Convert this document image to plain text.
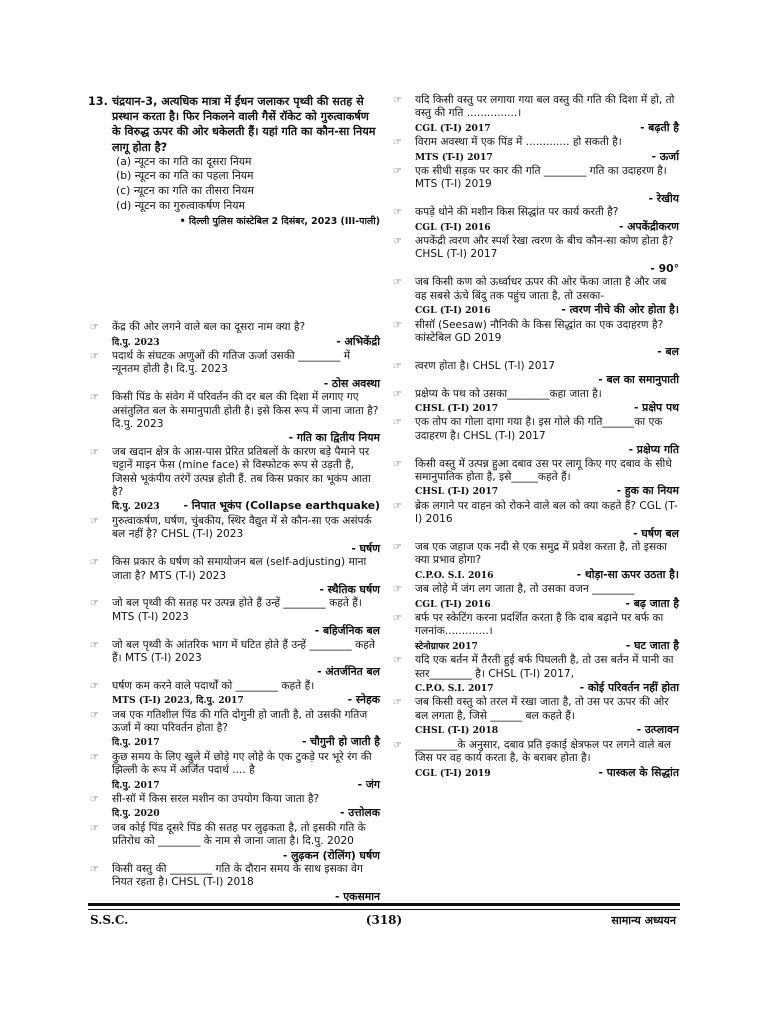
13. चंद्रयान-3, अत्यधिक मात्रा में ईंधन जलाकर पृथ्वी की सतह से प्रस्थान करता है। फिर निकलने वाली गैसें रॉकेट को गुरुत्वाकर्षण के विरुद्ध ऊपर की ओर धकेलती हैं। यहां गति का कौन-सा नियम लागू होता है?
(a) न्यूटन का गति का दूसरा नियम
(b) न्यूटन का गति का पहला नियम
(c) न्यूटन का गति का तीसरा नियम
(d) न्यूटन का गुरुत्वाकर्षण नियम
• दिल्ली पुलिस कांस्टेबिल 2 दिसंबर, 2023 (III-पाली)
☞ केंद्र की ओर लगने वाले बल का दूसरा नाम क्या है?
दि.पु. 2023	- अभिकेंद्री
☞ पदार्थ के संघटक अणुओं की गतिज ऊर्जा उसकी ________ में न्यूनतम होती है। दि.पु. 2023
- ठोस अवस्था
☞ किसी पिंड के संवेग में परिवर्तन की दर बल की दिशा में लगाए गए असंतुलित बल के समानुपाती होती है। इसे किस रूप में जाना जाता है? दि.पु. 2023
- गति का द्वितीय नियम
☞ जब खदान क्षेत्र के आस-पास प्रेरित प्रतिबलों के कारण बड़े पैमाने पर चट्टानें माइन फेस (mine face) से विस्फोटक रूप से उड़ती हैं, जिससे भूकंपीय तरंगें उत्पन्न होती हैं. तब किस प्रकार का भूकंप आता है?
दि.पु. 2023 - निपात भूकंप (Collapse earthquake)
☞ गुरुत्वाकर्षण, घर्षण, चुंबकीय, स्थिर वैद्युत में से कौन-सा एक असंपर्क बल नहीं है? CHSL (T-I) 2023
- घर्षण
☞ किस प्रकार के घर्षण को समायोजन बल (self-adjusting) माना जाता है? MTS (T-I) 2023
- स्थैतिक घर्षण
☞ जो बल पृथ्वी की सतह पर उत्पन्न होते हैं उन्हें ________ कहते हैं। MTS (T-I) 2023
- बहिर्जनिक बल
☞ जो बल पृथ्वी के आंतरिक भाग में घटित होते हैं उन्हें ________ कहते हैं। MTS (T-I) 2023
- अंतर्जनित बल
☞ घर्षण कम करने वाले पदार्थों को ________ कहते हैं।
MTS (T-I) 2023, दि.पु. 2017	- स्नेहक
☞ जब एक गतिशील पिंड की गति दोगुनी हो जाती है, तो उसकी गतिज ऊर्जा में क्या परिवर्तन होता है?
दि.पु. 2017	- चौगुनी हो जाती है
☞ कुछ समय के लिए खुले में छोड़े गए लोहे के एक टुकड़े पर भूरे रंग की झिल्ली के रूप में अर्जित पदार्थ .... है
दि.पु. 2017	- जंग
☞ सी-सॉ में किस सरल मशीन का उपयोग किया जाता है?
दि.पु. 2020	- उत्तोलक
☞ जब कोई पिंड दूसरे पिंड की सतह पर लुढ़कता है, तो इसकी गति के प्रतिरोध को ________ के नाम से जाना जाता है। दि.पु. 2020
- लुढ़कन (रोलिंग) घर्षण
☞ किसी वस्तु की ________ गति के दौरान समय के साथ इसका वेग नियत रहता है। CHSL (T-I) 2018
- एकसमान
☞ यदि किसी वस्तु पर लगाया गया बल वस्तु की गति की दिशा में हो, तो वस्तु की गति ...............।
CGL (T-I) 2017	- बढ़ती है
☞ विराम अवस्था में एक पिंड में ............. हो सकती है।
MTS (T-I) 2017	- ऊर्जा
☞ एक सीधी सड़क पर कार की गति ________ गति का उदाहरण है। MTS (T-I) 2019
- रेखीय
☞ कपड़े धोने की मशीन किस सिद्धांत पर कार्य करती है?
CGL (T-I) 2016	- अपकेंद्रीकरण
☞ अपकेंद्री त्वरण और स्पर्श रेखा त्वरण के बीच कौन-सा कोण होता है? CHSL (T-I) 2017
- 90°
☞ जब किसी कण को ऊर्ध्वाधर ऊपर की ओर फेंका जाता है और जब वह सबसे ऊंचे बिंदु तक पहुंच जाता है, तो उसका-
CGL (T-I) 2016	- त्वरण नीचे की ओर होता है।
☞ सीसॉ (Seesaw) नौनिकी के किस सिद्धांत का एक उदाहरण है? कांस्टेबिल GD 2019
- बल
☞ त्वरण होता है। CHSL (T-I) 2017
- बल का समानुपाती
☞ प्रक्षेप्य के पथ को उसका________कहा जाता है।
CHSL (T-I) 2017	- प्रक्षेप पथ
☞ एक तोप का गोला दागा गया है। इस गोले की गति______का एक उदाहरण है। CHSL (T-I) 2017
- प्रक्षेप्य गति
☞ किसी वस्तु में उत्पन्न हुआ दबाव उस पर लागू किए गए दबाव के सीधे समानुपातिक होता है, इसे_____कहते हैं।
CHSL (T-I) 2017	- हुक का नियम
☞ ब्रेक लगाने पर वाहन को रोकने वाले बल को क्या कहते हैं? CGL (T-I) 2016
- घर्षण बल
☞ जब एक जहाज एक नदी से एक समुद्र में प्रवेश करता है, तो इसका क्या प्रभाव होगा?
C.P.O. S.I. 2016	- थोड़ा-सा ऊपर उठता है।
☞ जब लोहे में जंग लग जाता है, तो उसका वजन ________
CGL (T-I) 2016	- बढ़ जाता है
☞ बर्फ पर स्केटिंग करना प्रदर्शित करता है कि दाब बढ़ाने पर बर्फ का गलनांक.............।
स्टेनोग्राफर 2017	- घट जाता है
☞ यदि एक बर्तन में तैरती हुई बर्फ पिघलती है, तो उस बर्तन में पानी का स्तर________ है। CHSL (T-I) 2017,
C.P.O. S.I. 2017	- कोई परिवर्तन नहीं होता
☞ जब किसी वस्तु को तरल में रखा जाता है, तो उस पर ऊपर की ओर बल लगता है, जिसे ______ बल कहते हैं।
CHSL (T-I) 2018	- उत्प्लावन
☞ ________के अनुसार, दबाव प्रति इकाई क्षेत्रफल पर लगने वाले बल जिस पर वह कार्य करता है, के बराबर होता है।
CGL (T-I) 2019	- पास्कल के सिद्धांत
S.S.C.	(318)	सामान्य अध्ययन
